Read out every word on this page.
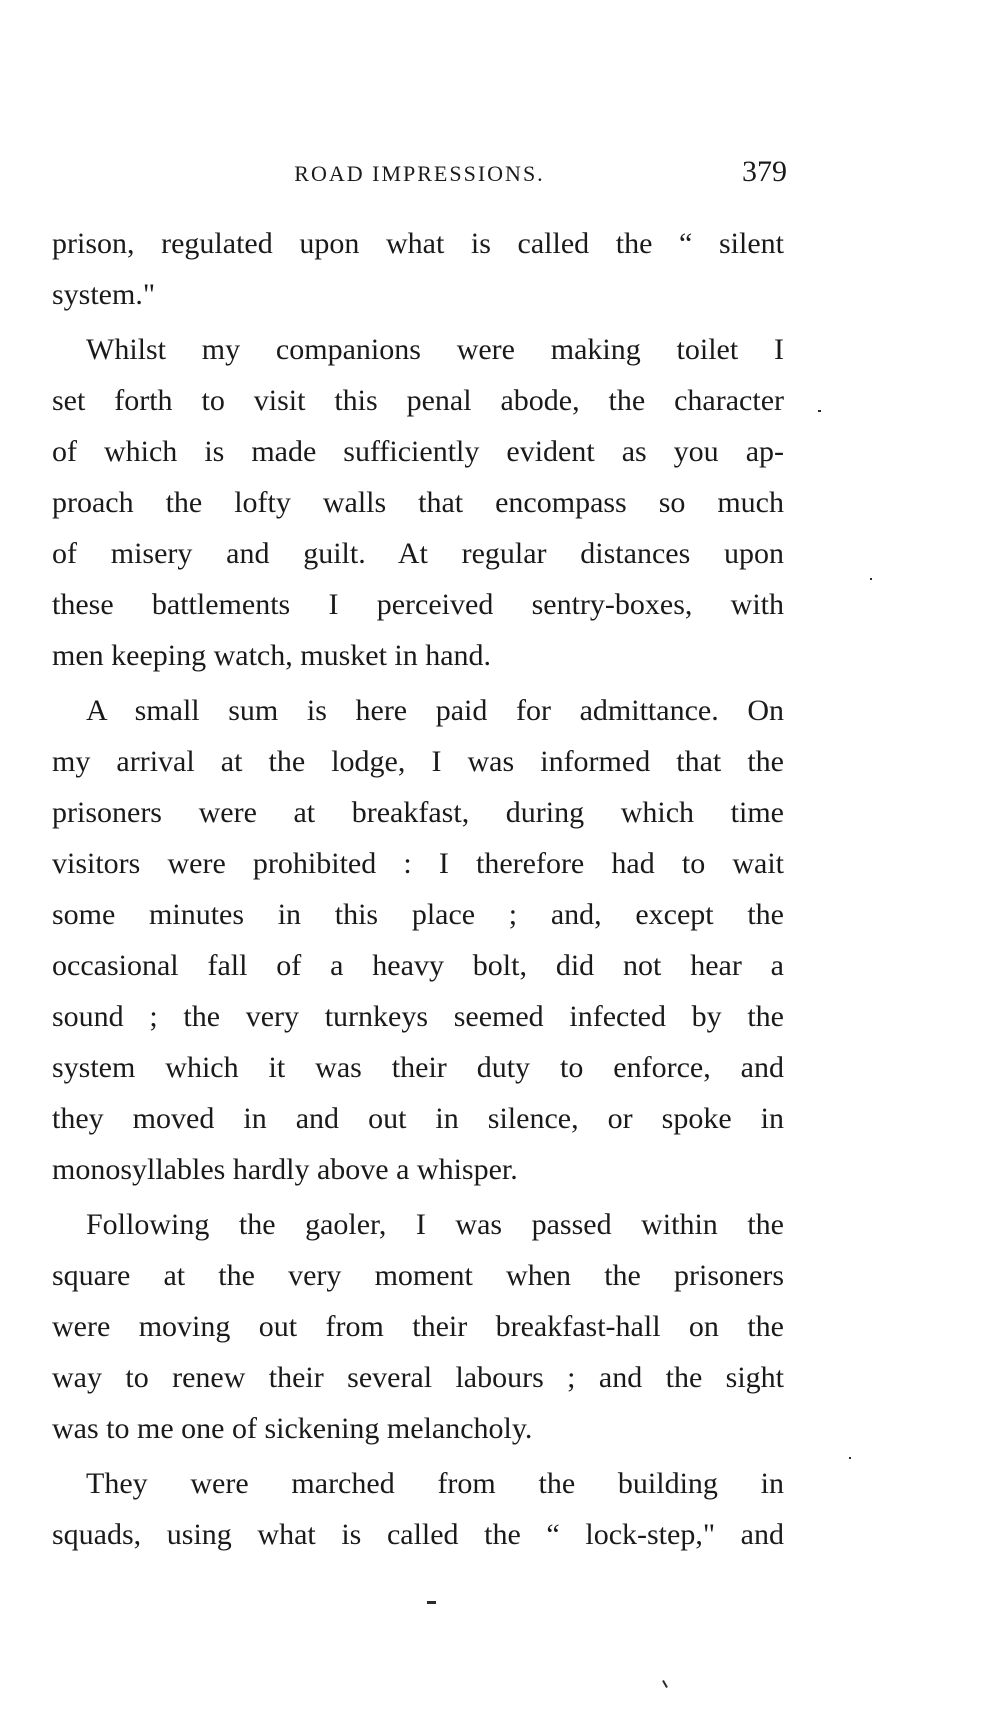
ROAD IMPRESSIONS.	379
prison, regulated upon what is called the “ silent
system."
Whilst my companions were making toilet I
set forth to visit this penal abode, the character
of which is made sufficiently evident as you ap-
proach the lofty walls that encompass so much
of misery and guilt. At regular distances upon
these battlements I perceived sentry-boxes, with
men keeping watch, musket in hand.
A small sum is here paid for admittance. On
my arrival at the lodge, I was informed that the
prisoners were at breakfast, during which time
visitors were prohibited : I therefore had to wait
some minutes in this place ; and, except the
occasional fall of a heavy bolt, did not hear a
sound ; the very turnkeys seemed infected by the
system which it was their duty to enforce, and
they moved in and out in silence, or spoke in
monosyllables hardly above a whisper.
Following the gaoler, I was passed within the
square at the very moment when the prisoners
were moving out from their breakfast-hall on the
way to renew their several labours ; and the sight
was to me one of sickening melancholy.
They were marched from the building in
squads, using what is called the “ lock-step," and
